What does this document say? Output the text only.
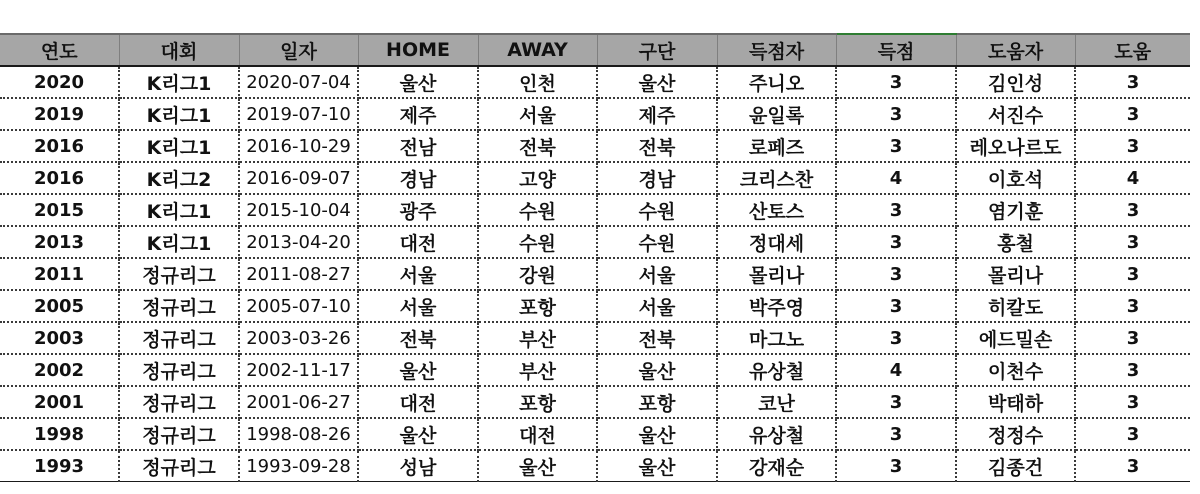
연도	대회	일자	HOME	AWAY	구단	득점자	득점	도움자	도움
2020	K리그1	2020-07-04	울산	인천	울산	주니오	3	김인성	3
2019	K리그1	2019-07-10	제주	서울	제주	윤일록	3	서진수	3
2016	K리그1	2016-10-29	전남	전북	전북	로페즈	3	레오나르도	3
2016	K리그2	2016-09-07	경남	고양	경남	크리스찬	4	이호석	4
2015	K리그1	2015-10-04	광주	수원	수원	산토스	3	염기훈	3
2013	K리그1	2013-04-20	대전	수원	수원	정대세	3	홍철	3
2011	정규리그	2011-08-27	서울	강원	서울	몰리나	3	몰리나	3
2005	정규리그	2005-07-10	서울	포항	서울	박주영	3	히칼도	3
2003	정규리그	2003-03-26	전북	부산	전북	마그노	3	에드밀손	3
2002	정규리그	2002-11-17	울산	부산	울산	유상철	4	이천수	3
2001	정규리그	2001-06-27	대전	포항	포항	코난	3	박태하	3
1998	정규리그	1998-08-26	울산	대전	울산	유상철	3	정정수	3
1993	정규리그	1993-09-28	성남	울산	울산	강재순	3	김종건	3
